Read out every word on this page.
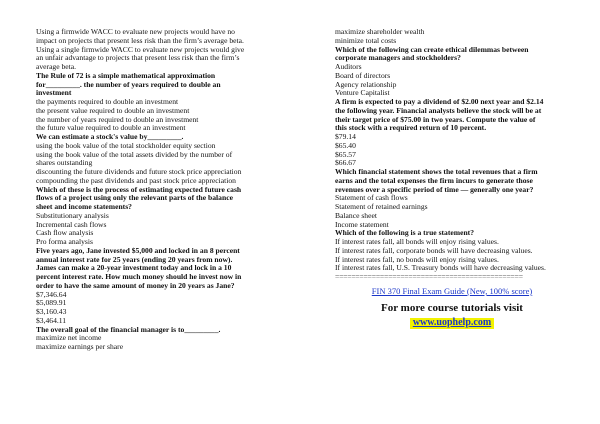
Using a firmwide WACC to evaluate new projects would have no
impact on projects that present less risk than the firm’s average beta.
Using a single firmwide WACC to evaluate new projects would give
an unfair advantage to projects that present less risk than the firm’s
average beta.
The Rule of 72 is a simple mathematical approximation
for_________. the number of years required to double an
investment
the payments required to double an investment
the present value required to double an investment
the number of years required to double an investment
the future value required to double an investment
We can estimate a stock's value by_________.
using the book value of the total stockholder equity section
using the book value of the total assets divided by the number of
shares outstanding
discounting the future dividends and future stock price appreciation
compounding the past dividends and past stock price appreciation
Which of these is the process of estimating expected future cash
flows of a project using only the relevant parts of the balance
sheet and income statements?
Substitutionary analysis
Incremental cash flows
Cash flow analysis
Pro forma analysis
Five years ago, Jane invested $5,000 and locked in an 8 percent
annual interest rate for 25 years (ending 20 years from now).
James can make a 20-year investment today and lock in a 10
percent interest rate. How much money should he invest now in
order to have the same amount of money in 20 years as Jane?
$7,346.64
$5,089.91
$3,160.43
$3,464.11
The overall goal of the financial manager is to_________.
maximize net income
maximize earnings per share
maximize shareholder wealth
minimize total costs
Which of the following can create ethical dilemmas between
corporate managers and stockholders?
Auditors
Board of directors
Agency relationship
Venture Capitalist
A firm is expected to pay a dividend of $2.00 next year and $2.14
the following year. Financial analysts believe the stock will be at
their target price of $75.00 in two years. Compute the value of
this stock with a required return of 10 percent.
$79.14
$65.40
$65.57
$66.67
Which financial statement shows the total revenues that a firm
earns and the total expenses the firm incurs to generate those
revenues over a specific period of time — generally one year?
Statement of cash flows
Statement of retained earnings
Balance sheet
Income statement
Which of the following is a true statement?
If interest rates fall, all bonds will enjoy rising values.
If interest rates fall, corporate bonds will have decreasing values.
If interest rates fall, no bonds will enjoy rising values.
If interest rates fall, U.S. Treasury bonds will have decreasing values.
==============================================
FIN 370 Final Exam Guide (New, 100% score)
For more course tutorials visit
www.uophelp.com
